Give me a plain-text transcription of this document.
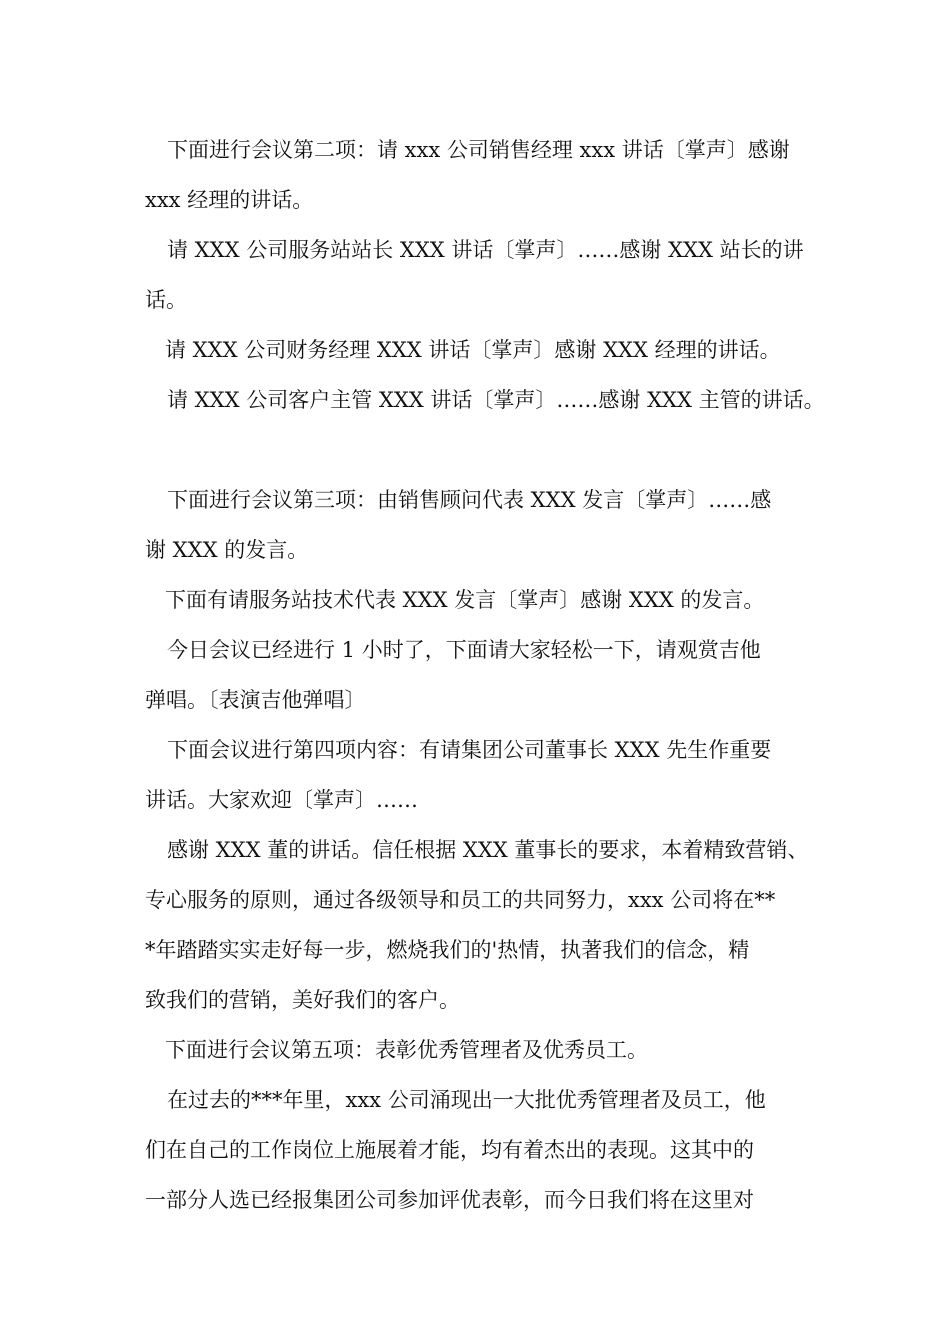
下面进行会议第二项：请 xxx 公司销售经理 xxx 讲话〔掌声〕感谢
xxx 经理的讲话。
请 XXX 公司服务站站长 XXX 讲话〔掌声〕……感谢 XXX 站长的讲
话。
请 XXX 公司财务经理 XXX 讲话〔掌声〕感谢 XXX 经理的讲话。
请 XXX 公司客户主管 XXX 讲话〔掌声〕……感谢 XXX 主管的讲话。
下面进行会议第三项：由销售顾问代表 XXX 发言〔掌声〕……感
谢 XXX 的发言。
下面有请服务站技术代表 XXX 发言〔掌声〕感谢 XXX 的发言。
今日会议已经进行 1 小时了，下面请大家轻松一下，请观赏吉他
弹唱。〔表演吉他弹唱〕
下面会议进行第四项内容：有请集团公司董事长 XXX 先生作重要
讲话。大家欢迎〔掌声〕……
感谢 XXX 董的讲话。信任根据 XXX 董事长的要求，本着精致营销、
专心服务的原则，通过各级领导和员工的共同努力，xxx 公司将在**
*年踏踏实实走好每一步，燃烧我们的'热情，执著我们的信念，精
致我们的营销，美好我们的客户。
下面进行会议第五项：表彰优秀管理者及优秀员工。
在过去的***年里，xxx 公司涌现出一大批优秀管理者及员工，他
们在自己的工作岗位上施展着才能，均有着杰出的表现。这其中的
一部分人选已经报集团公司参加评优表彰，而今日我们将在这里对
